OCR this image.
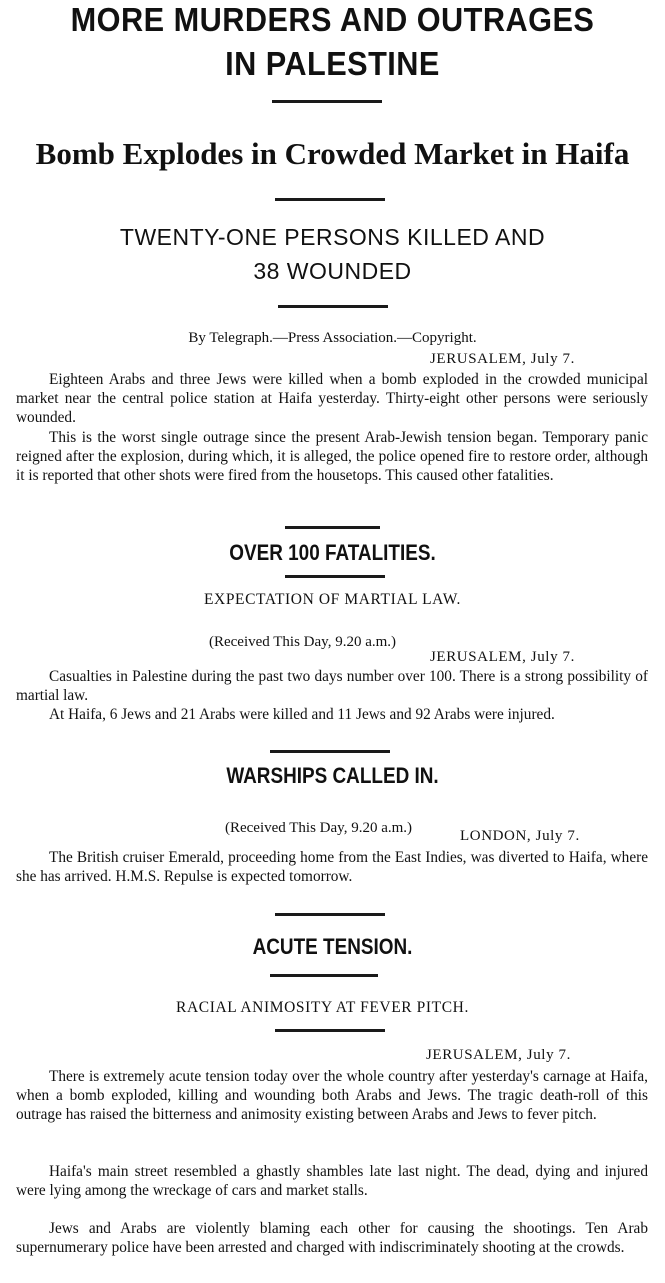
MORE MURDERS AND OUTRAGES
IN PALESTINE
Bomb Explodes in Crowded Market in Haifa
TWENTY-ONE PERSONS KILLED AND
38 WOUNDED
By Telegraph.—Press Association.—Copyright.
JERUSALEM, July 7.

Eighteen Arabs and three Jews were killed when a bomb exploded in the crowded municipal market near the central police station at Haifa yesterday. Thirty-eight other persons were seriously wounded.

This is the worst single outrage since the present Arab-Jewish tension began. Temporary panic reigned after the explosion, during which, it is alleged, the police opened fire to restore order, although it is reported that other shots were fired from the housetops. This caused other fatalities.

OVER 100 FATALITIES.
EXPECTATION OF MARTIAL LAW.
(Received This Day, 9.20 a.m.)
JERUSALEM, July 7.

Casualties in Palestine during the past two days number over 100. There is a strong possibility of martial law.

At Haifa, 6 Jews and 21 Arabs were killed and 11 Jews and 92 Arabs were injured.

WARSHIPS CALLED IN.
(Received This Day, 9.20 a.m.)	LONDON, July 7.

The British cruiser Emerald, proceeding home from the East Indies, was diverted to Haifa, where she has arrived. H.M.S. Repulse is expected tomorrow.

ACUTE TENSION.
RACIAL ANIMOSITY AT FEVER PITCH.
JERUSALEM, July 7.

There is extremely acute tension today over the whole country after yesterday's carnage at Haifa, when a bomb exploded, killing and wounding both Arabs and Jews. The tragic death-roll of this outrage has raised the bitterness and animosity existing between Arabs and Jews to fever pitch.

Haifa's main street resembled a ghastly shambles late last night. The dead, dying and injured were lying among the wreckage of cars and market stalls.

Jews and Arabs are violently blaming each other for causing the shootings. Ten Arab supernumerary police have been arrested and charged with indiscriminately shooting at the crowds.
